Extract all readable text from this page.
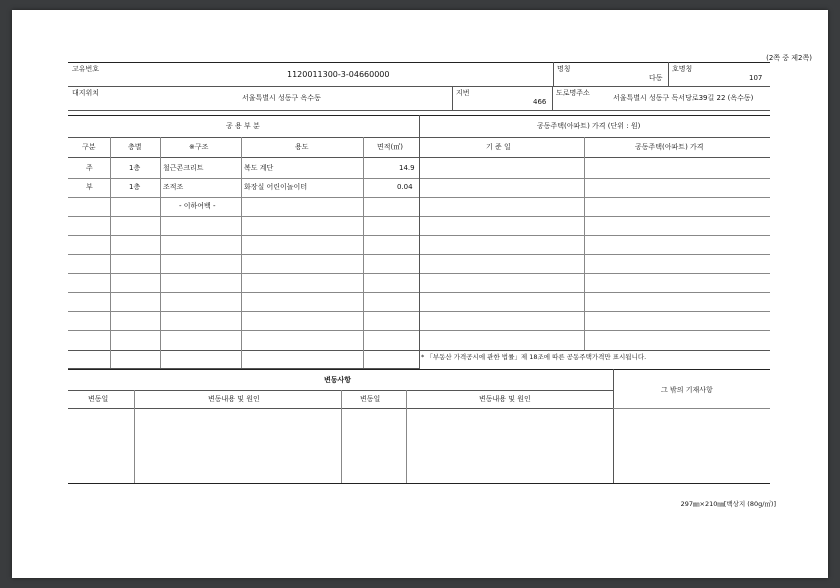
(2쪽 중 제2쪽)
고유번호
1120011300-3-04660000
명칭
다동
호명칭
107
대지위치
서울특별시 성동구 옥수동
지번
466
도로명주소
서울특별시 성동구 독서당로39길 22 (옥수동)
공 용 부 분	공동주택(아파트) 가격 (단위 : 원)
구분	층별	※구조	용도	면적(㎡)	기 준 일	공동주택(아파트) 가격
주	1층	철근콘크리트	복도 계단	14.9
부	1층	조적조	화장실 어린이놀이터	0.04
- 이하여백 -
* 「부동산 가격공시에 관한 법률」제 18조에 따른 공동주택가격만 표시됩니다.
변동사항
변동일	변동내용 및 원인	변동일	변동내용 및 원인
그 밖의 기재사항
297㎜×210㎜[백상지 (80g/㎡)]
